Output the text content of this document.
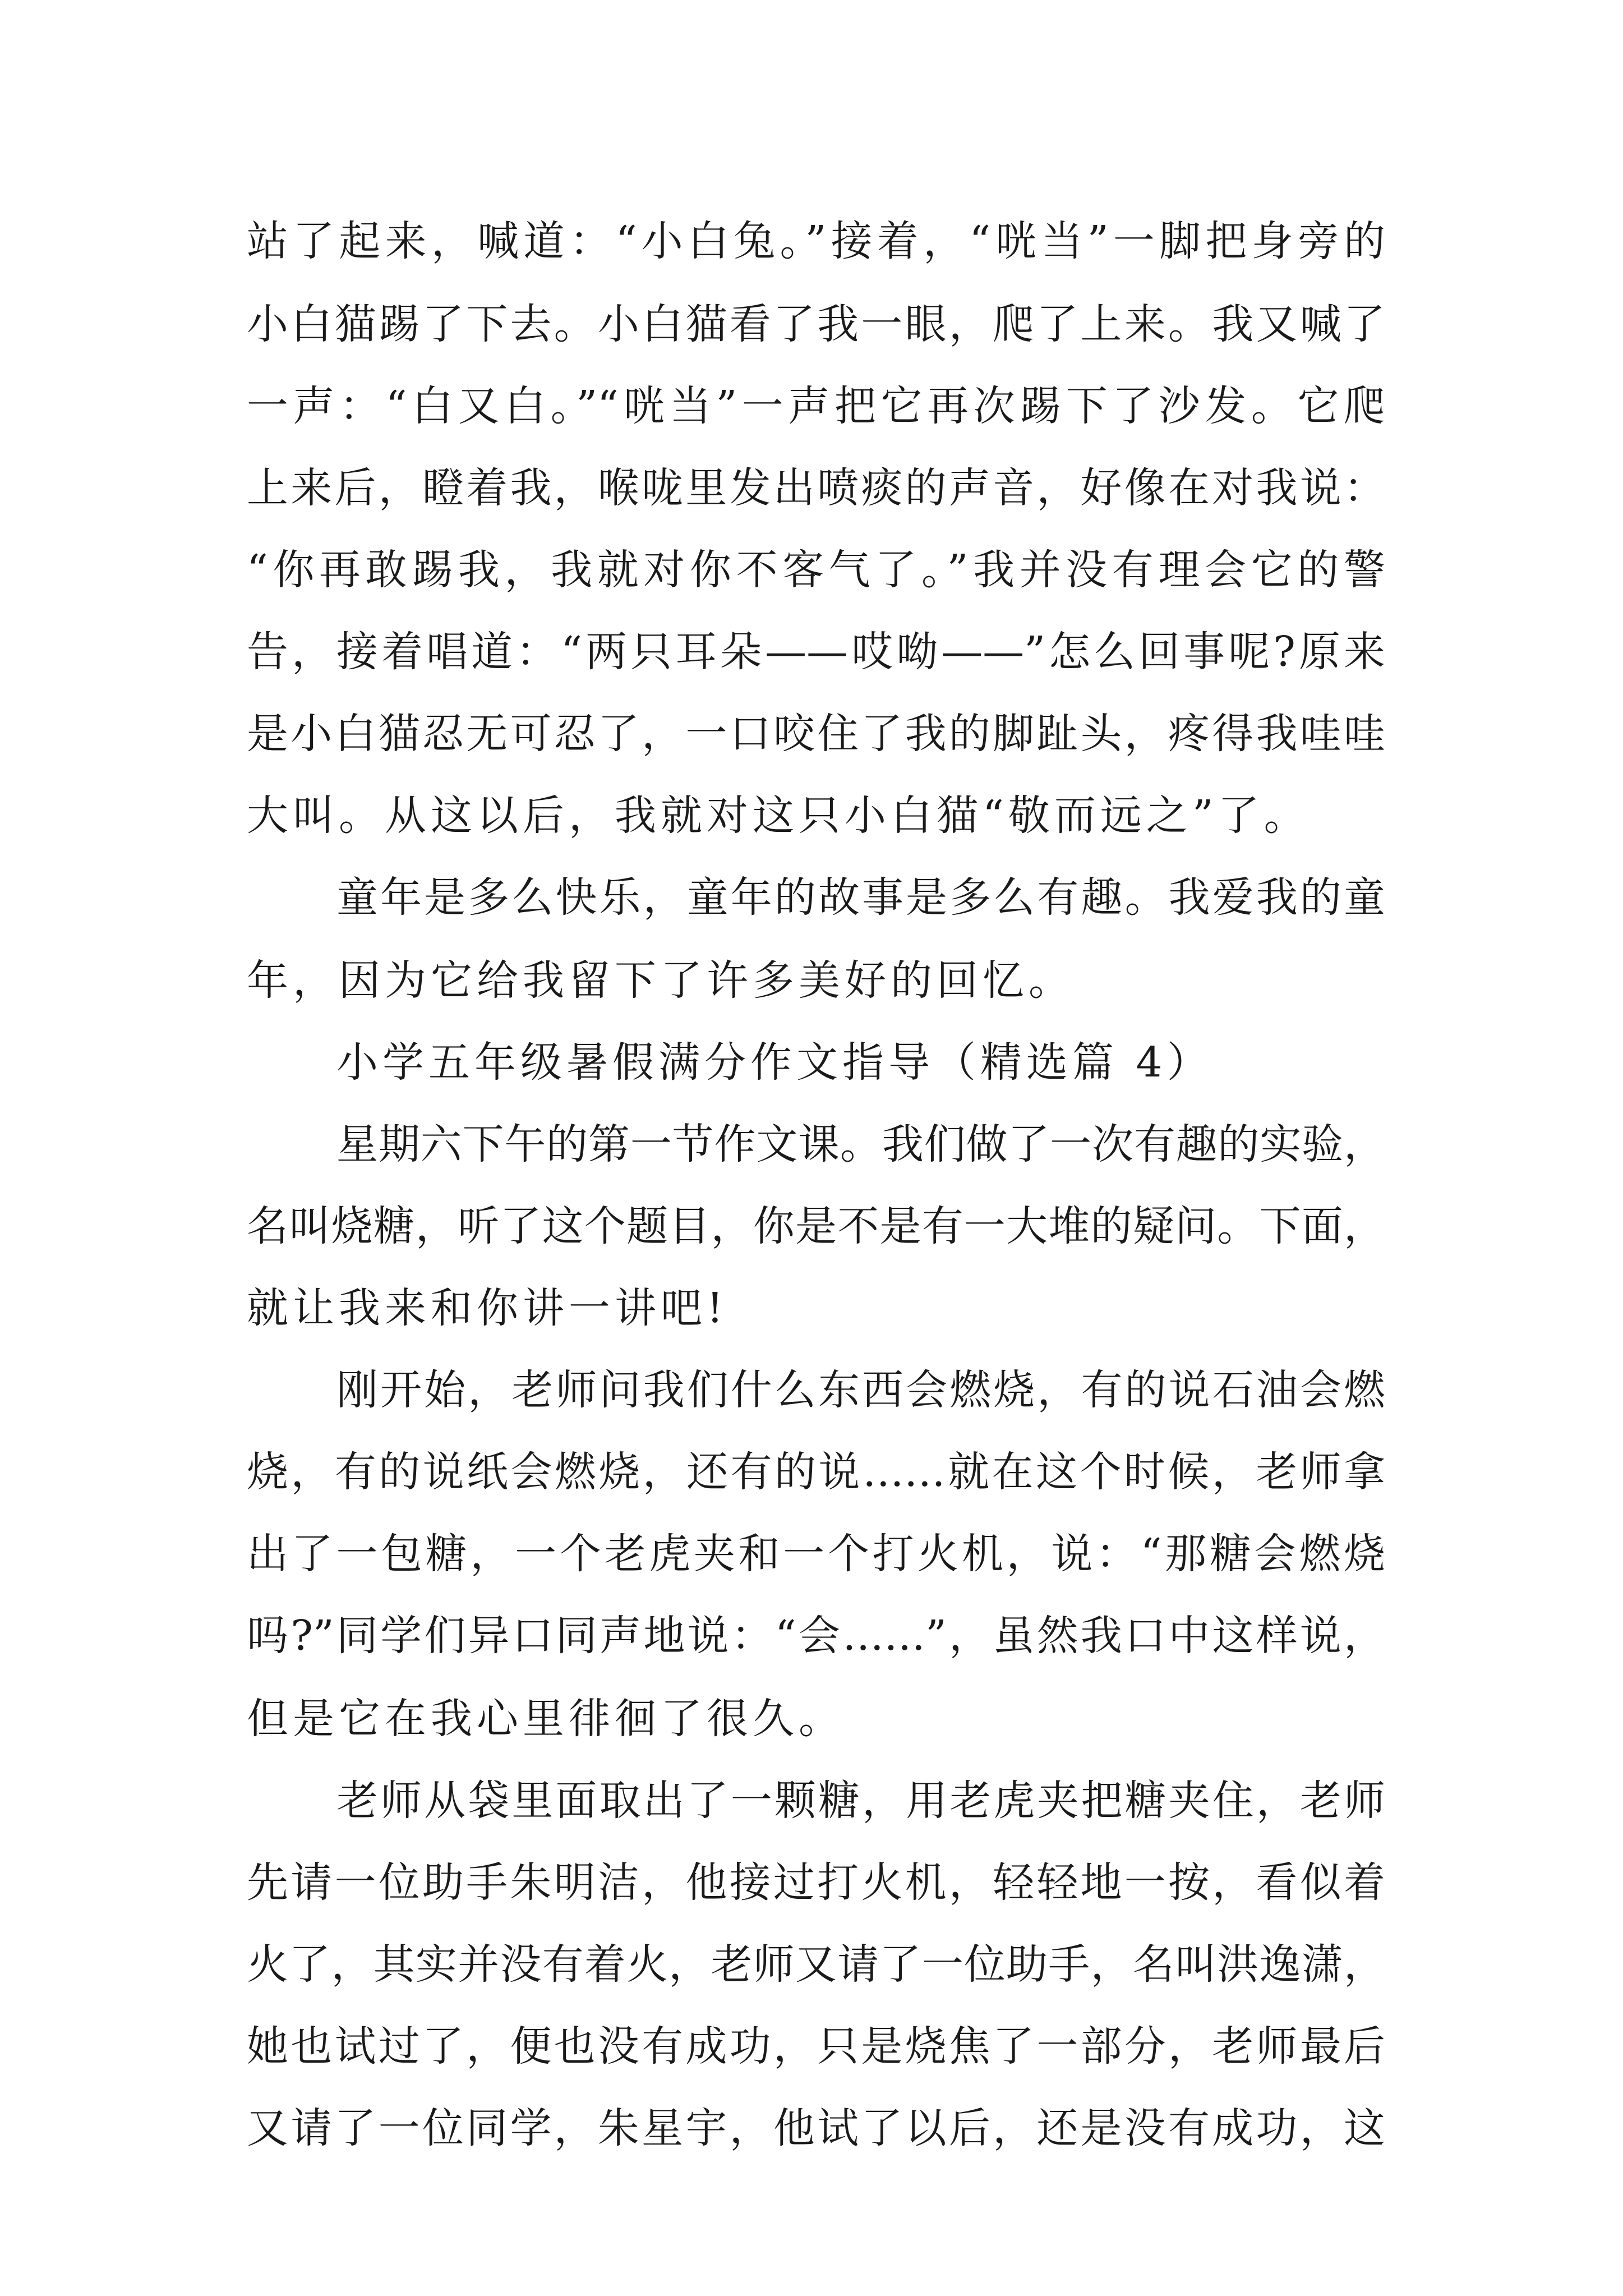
站了起来，喊道：“小白兔。”接着，“咣当”一脚把身旁的
小白猫踢了下去。小白猫看了我一眼，爬了上来。我又喊了
一声：“白又白。”“咣当”一声把它再次踢下了沙发。它爬
上来后，瞪着我，喉咙里发出喷痰的声音，好像在对我说：
“你再敢踢我，我就对你不客气了。”我并没有理会它的警
告，接着唱道：“两只耳朵——哎呦——”怎么回事呢?原来
是小白猫忍无可忍了，一口咬住了我的脚趾头，疼得我哇哇
大叫。从这以后，我就对这只小白猫“敬而远之”了。
童年是多么快乐，童年的故事是多么有趣。我爱我的童
年，因为它给我留下了许多美好的回忆。
小学五年级暑假满分作文指导（精选篇 4）
星期六下午的第一节作文课。我们做了一次有趣的实验，
名叫烧糖，听了这个题目，你是不是有一大堆的疑问。下面，
就让我来和你讲一讲吧!
刚开始，老师问我们什么东西会燃烧，有的说石油会燃
烧，有的说纸会燃烧，还有的说……就在这个时候，老师拿
出了一包糖，一个老虎夹和一个打火机，说：“那糖会燃烧
吗?”同学们异口同声地说：“会……”，虽然我口中这样说，
但是它在我心里徘徊了很久。
老师从袋里面取出了一颗糖，用老虎夹把糖夹住，老师
先请一位助手朱明洁，他接过打火机，轻轻地一按，看似着
火了，其实并没有着火，老师又请了一位助手，名叫洪逸潇，
她也试过了，便也没有成功，只是烧焦了一部分，老师最后
又请了一位同学，朱星宇，他试了以后，还是没有成功，这
